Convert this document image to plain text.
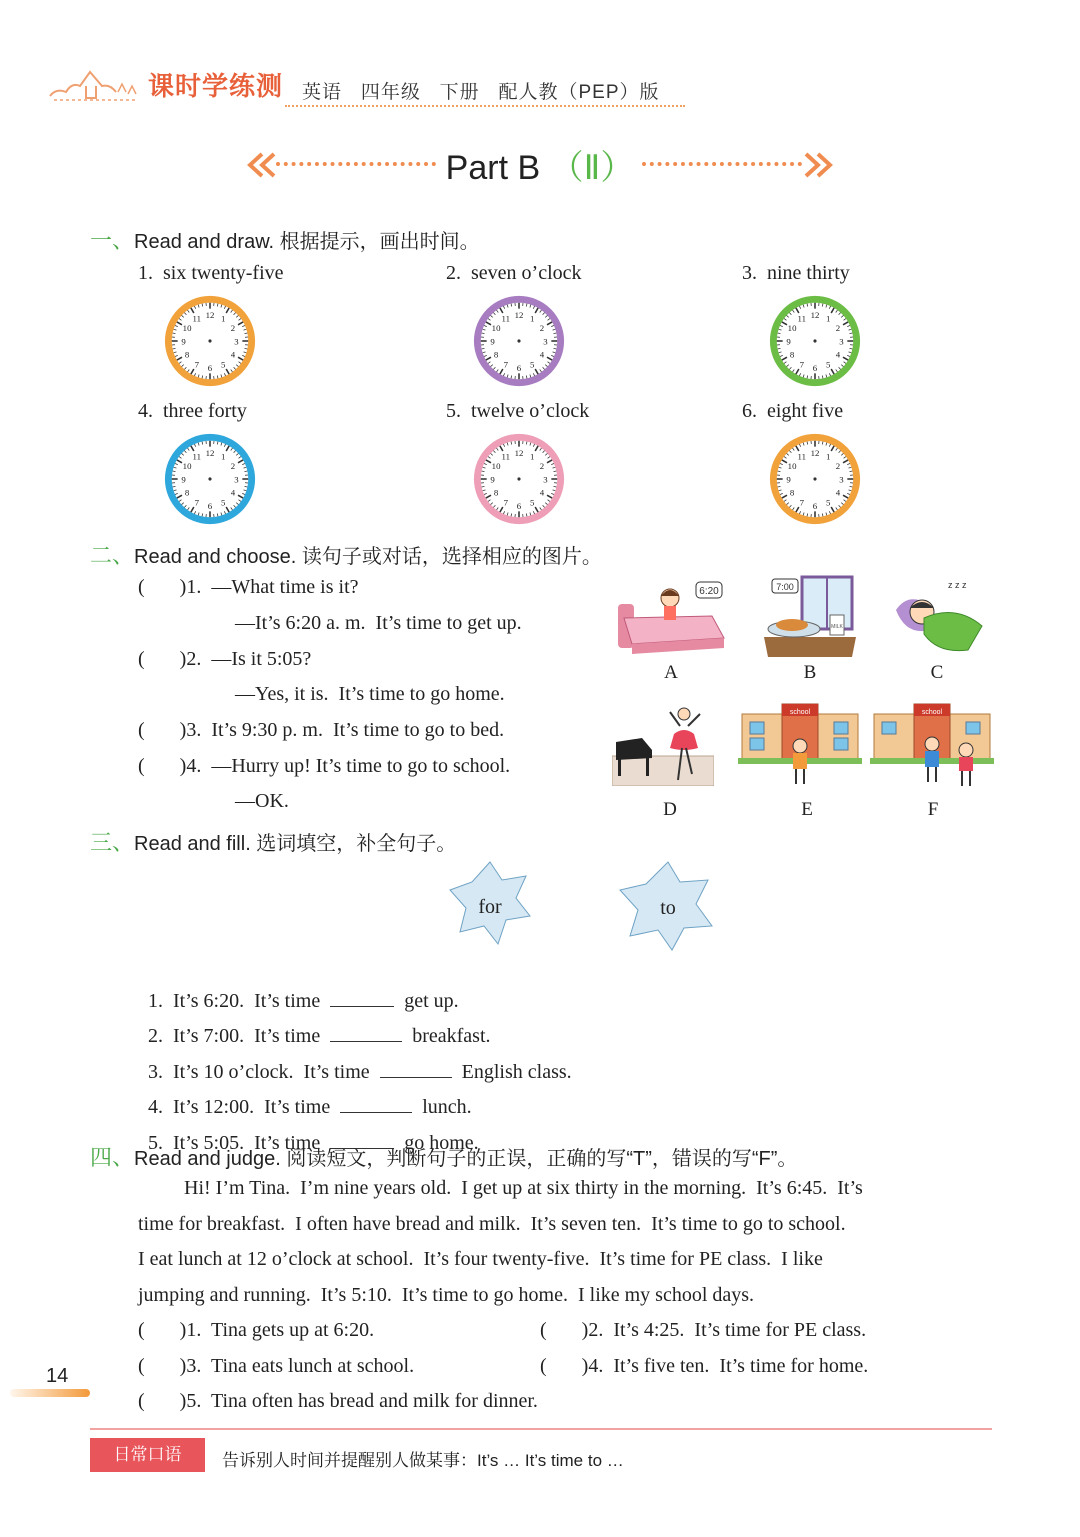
课时学练测 英语   四年级   下册   配人教（PEP）版
Part B （Ⅱ）
一、Read and draw. 根据提示，画出时间。
1.  six twenty-five	2.  seven o’clock	3.  nine thirty
4.  three forty	5.  twelve o’clock	6.  eight five
1
2
3
4
5
6
7
8
9
10
11 12	1
2
3
4
5
6
7
8
9
10
11 12	1
2
3
4
5
6
7
8
9
10
11 12
1
2
3
4
5
6
7
8
9
10
11 12	1
2
3
4
5
6
7
8
9
10
11 12	1
2
3
4
5
6
7
8
9
10
11 12
二、Read and choose. 读句子或对话，选择相应的图片。
(       )1.  —What time is it?
—It’s 6:20 a. m.  It’s time to get up.
(       )2.  —Is it 5:05?
—Yes, it is.  It’s time to go home.
(       )3.  It’s 9:30 p. m.  It’s time to go to bed.
(       )4.  —Hurry up! It’s time to go to school.
—OK.
6:20	7:00
MILK
z z z
school	school
A	B	C
D	E	F
三、Read and fill. 选词填空，补全句子。
for	to

1.  It’s 6:20.  It’s time	get up.

2.  It’s 7:00.  It’s time	breakfast.

3.  It’s 10 o’clock.  It’s time	English class.

4.  It’s 12:00.  It’s time	lunch.

5.  It’s 5:05.  It’s time	go home.

四、Read and judge. 阅读短文，判断句子的正误，正确的写“T”，错误的写“F”。
Hi! I’m Tina.  I’m nine years old.  I get up at six thirty in the morning.  It’s 6:45.  It’s
time for breakfast.  I often have bread and milk.  It’s seven ten.  It’s time to go to school.
I eat lunch at 12 o’clock at school.  It’s four twenty-five.  It’s time for PE class.  I like
jumping and running.  It’s 5:10.  It’s time to go home.  I like my school days.
(       )1.  Tina gets up at 6:20.	(       )2.  It’s 4:25.  It’s time for PE class.
(       )3.  Tina eats lunch at school.	(       )4.  It’s five ten.  It’s time for home.
(       )5.  Tina often has bread and milk for dinner.
14
日常口语	告诉别人时间并提醒别人做某事：It’s … It’s time to …
